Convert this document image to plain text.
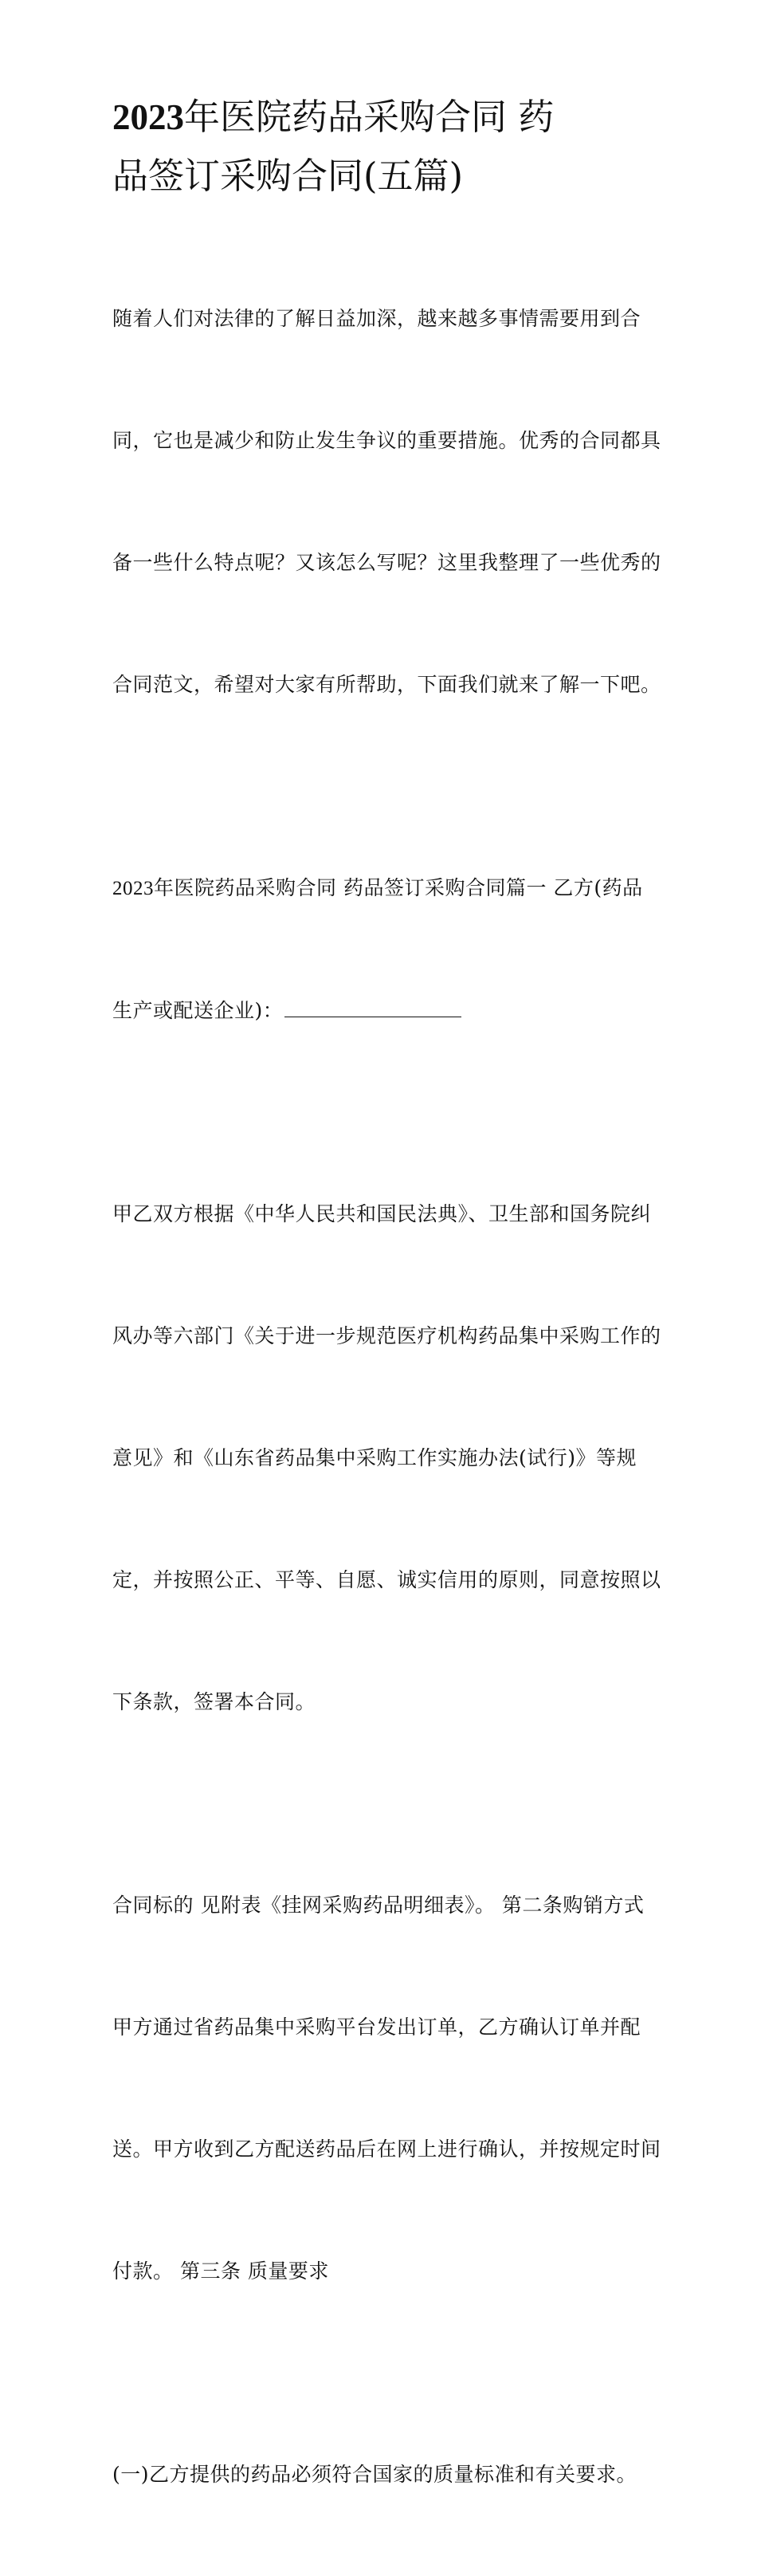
2023年医院药品采购合同 药
品签订采购合同(五篇)

随着人们对法律的了解日益加深，越来越多事情需要用到合

同，它也是减少和防止发生争议的重要措施。优秀的合同都具

备一些什么特点呢？又该怎么写呢？这里我整理了一些优秀的

合同范文，希望对大家有所帮助，下面我们就来了解一下吧。

2023年医院药品采购合同 药品签订采购合同篇一 乙方(药品

生产或配送企业)：

甲乙双方根据《中华人民共和国民法典》、卫生部和国务院纠

风办等六部门《关于进一步规范医疗机构药品集中采购工作的

意见》和《山东省药品集中采购工作实施办法(试行)》等规

定，并按照公正、平等、自愿、诚实信用的原则，同意按照以

下条款，签署本合同。

合同标的 见附表《挂网采购药品明细表》。 第二条购销方式

甲方通过省药品集中采购平台发出订单，乙方确认订单并配

送。甲方收到乙方配送药品后在网上进行确认，并按规定时间

付款。 第三条 质量要求

(一)乙方提供的药品必须符合国家的质量标准和有关要求。
